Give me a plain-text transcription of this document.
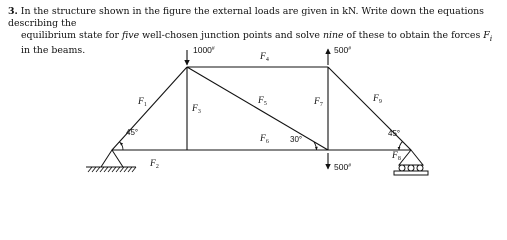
3. In the structure shown in the figure the external loads are given in kN. Write down the equations describing the
equilibrium state for five well-chosen junction points and solve nine of these to obtain the forces $F_i$ in the beams.	1000#	500#
500#
45°
30°
45°
$F_1$
$F_2$
$F_3$
$F_4$
$F_5$
$F_6$
$F_7$
$F_8$
$F_9$
